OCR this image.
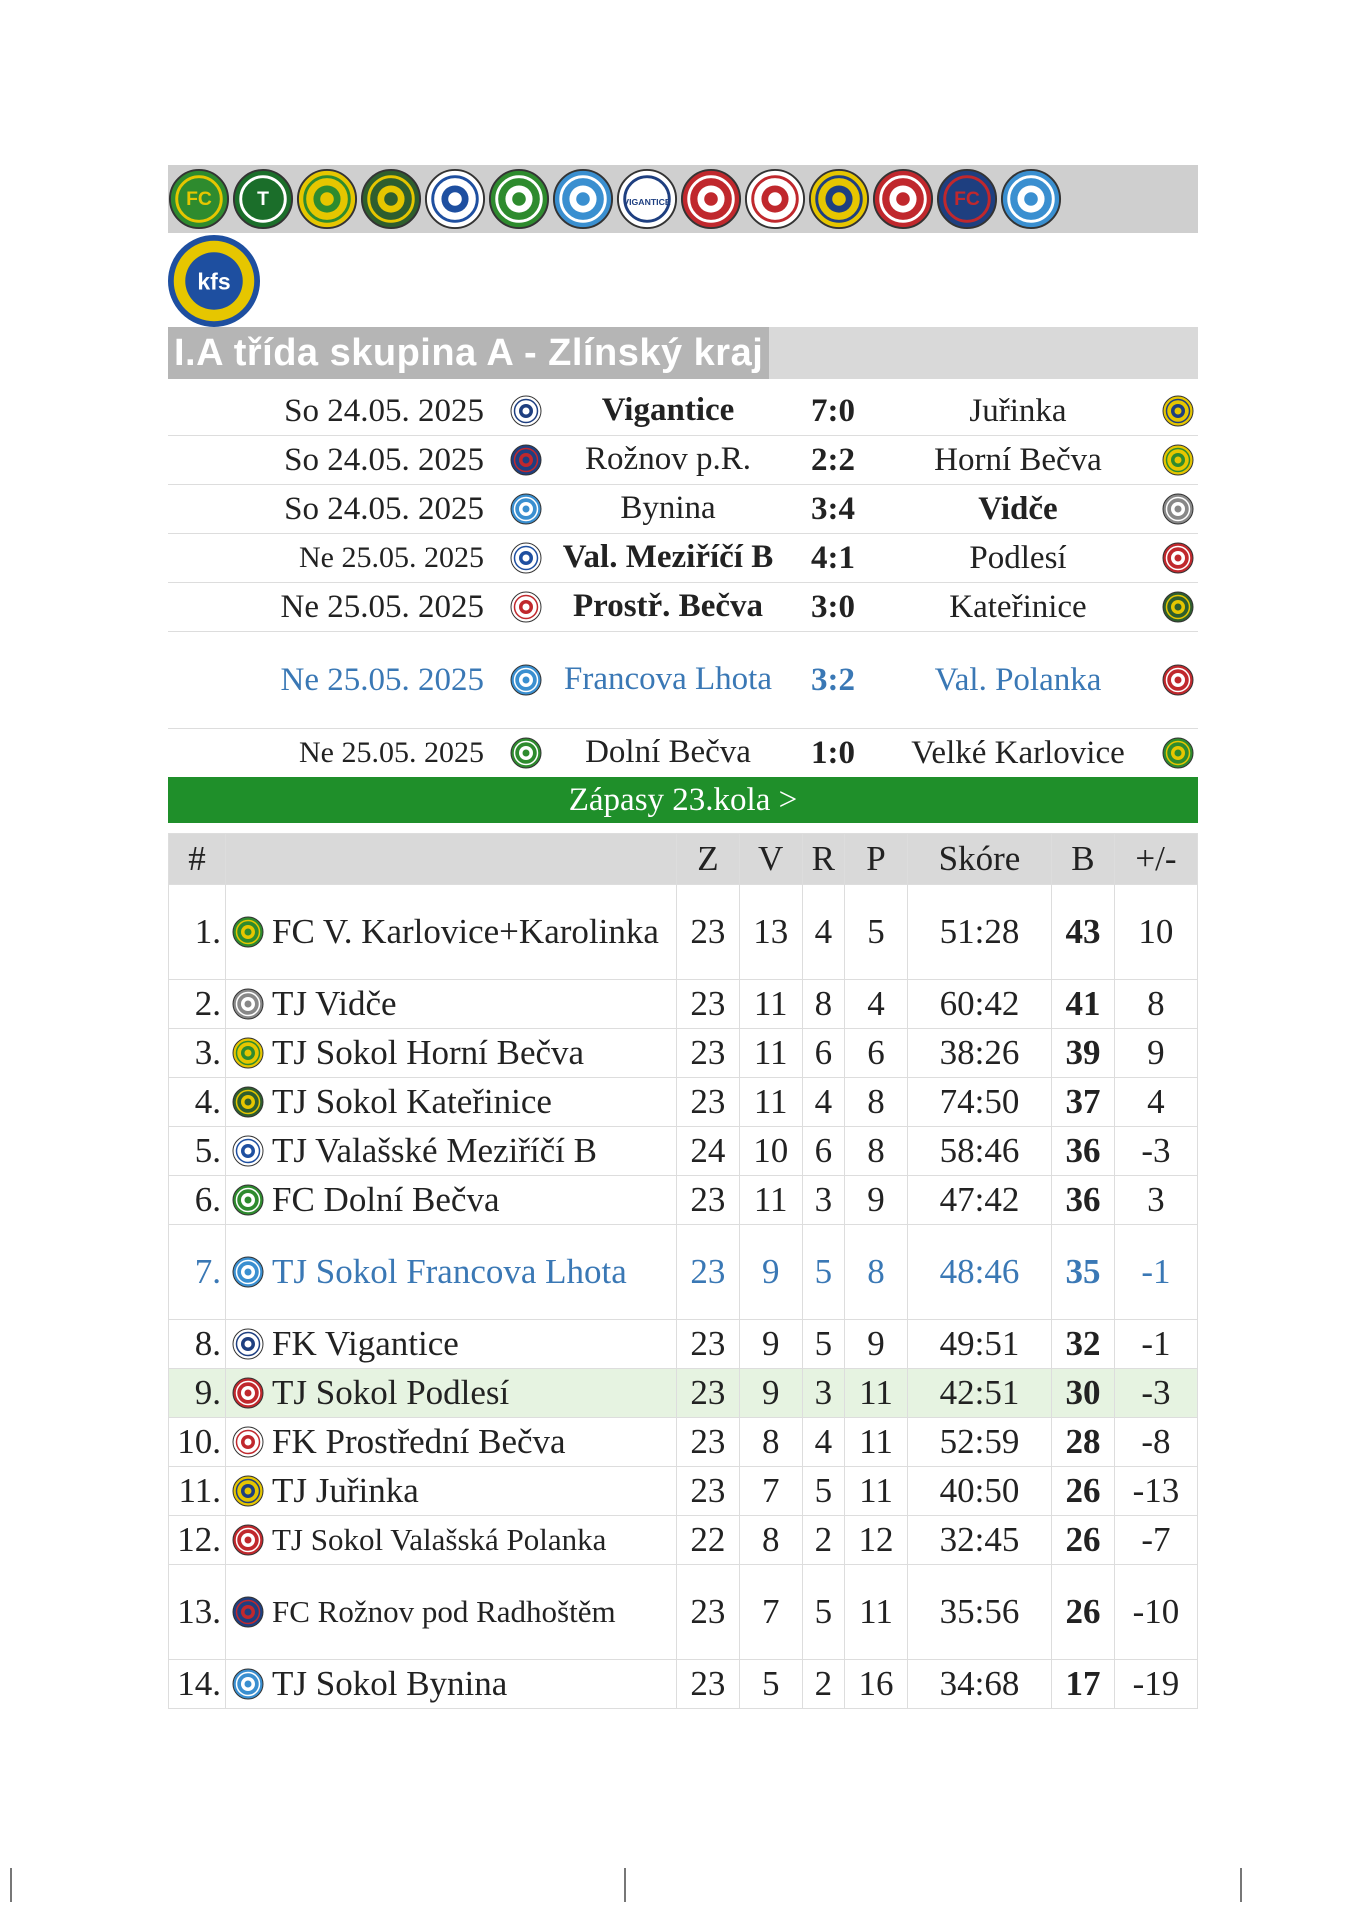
FC T	VIGANTICE	FC
kfs
I.A třída skupina A - Zlínský kraj
So 24.05. 2025	Vigantice	7:0	Juřinka
So 24.05. 2025	Rožnov p.R.	2:2	Horní Bečva
So 24.05. 2025	Bynina	3:4	Vidče
Ne 25.05. 2025	Val. Meziříčí B	4:1	Podlesí
Ne 25.05. 2025	Prostř. Bečva	3:0	Kateřinice
Ne 25.05. 2025	Francova Lhota	3:2	Val. Polanka
Ne 25.05. 2025	Dolní Bečva	1:0	Velké Karlovice
Zápasy 23.kola >
#		Z	V	R	P	Skóre	B	+/-
1.	FC V. Karlovice+Karolinka	23	13	4	5	51:28	43	10
2.	TJ Vidče	23	11	8	4	60:42	41	8
3.	TJ Sokol Horní Bečva	23	11	6	6	38:26	39	9
4.	TJ Sokol Kateřinice	23	11	4	8	74:50	37	4
5.	TJ Valašské Meziříčí B	24	10	6	8	58:46	36	-3
6.	FC Dolní Bečva	23	11	3	9	47:42	36	3
7.	TJ Sokol Francova Lhota	23	9	5	8	48:46	35	-1
8.	FK Vigantice	23	9	5	9	49:51	32	-1
9.	TJ Sokol Podlesí	23	9	3	11	42:51	30	-3
10.	FK Prostřední Bečva	23	8	4	11	52:59	28	-8
11.	TJ Juřinka	23	7	5	11	40:50	26	-13
12.	TJ Sokol Valašská Polanka	22	8	2	12	32:45	26	-7
13.	FC Rožnov pod Radhoštěm	23	7	5	11	35:56	26	-10
14.	TJ Sokol Bynina	23	5	2	16	34:68	17	-19
